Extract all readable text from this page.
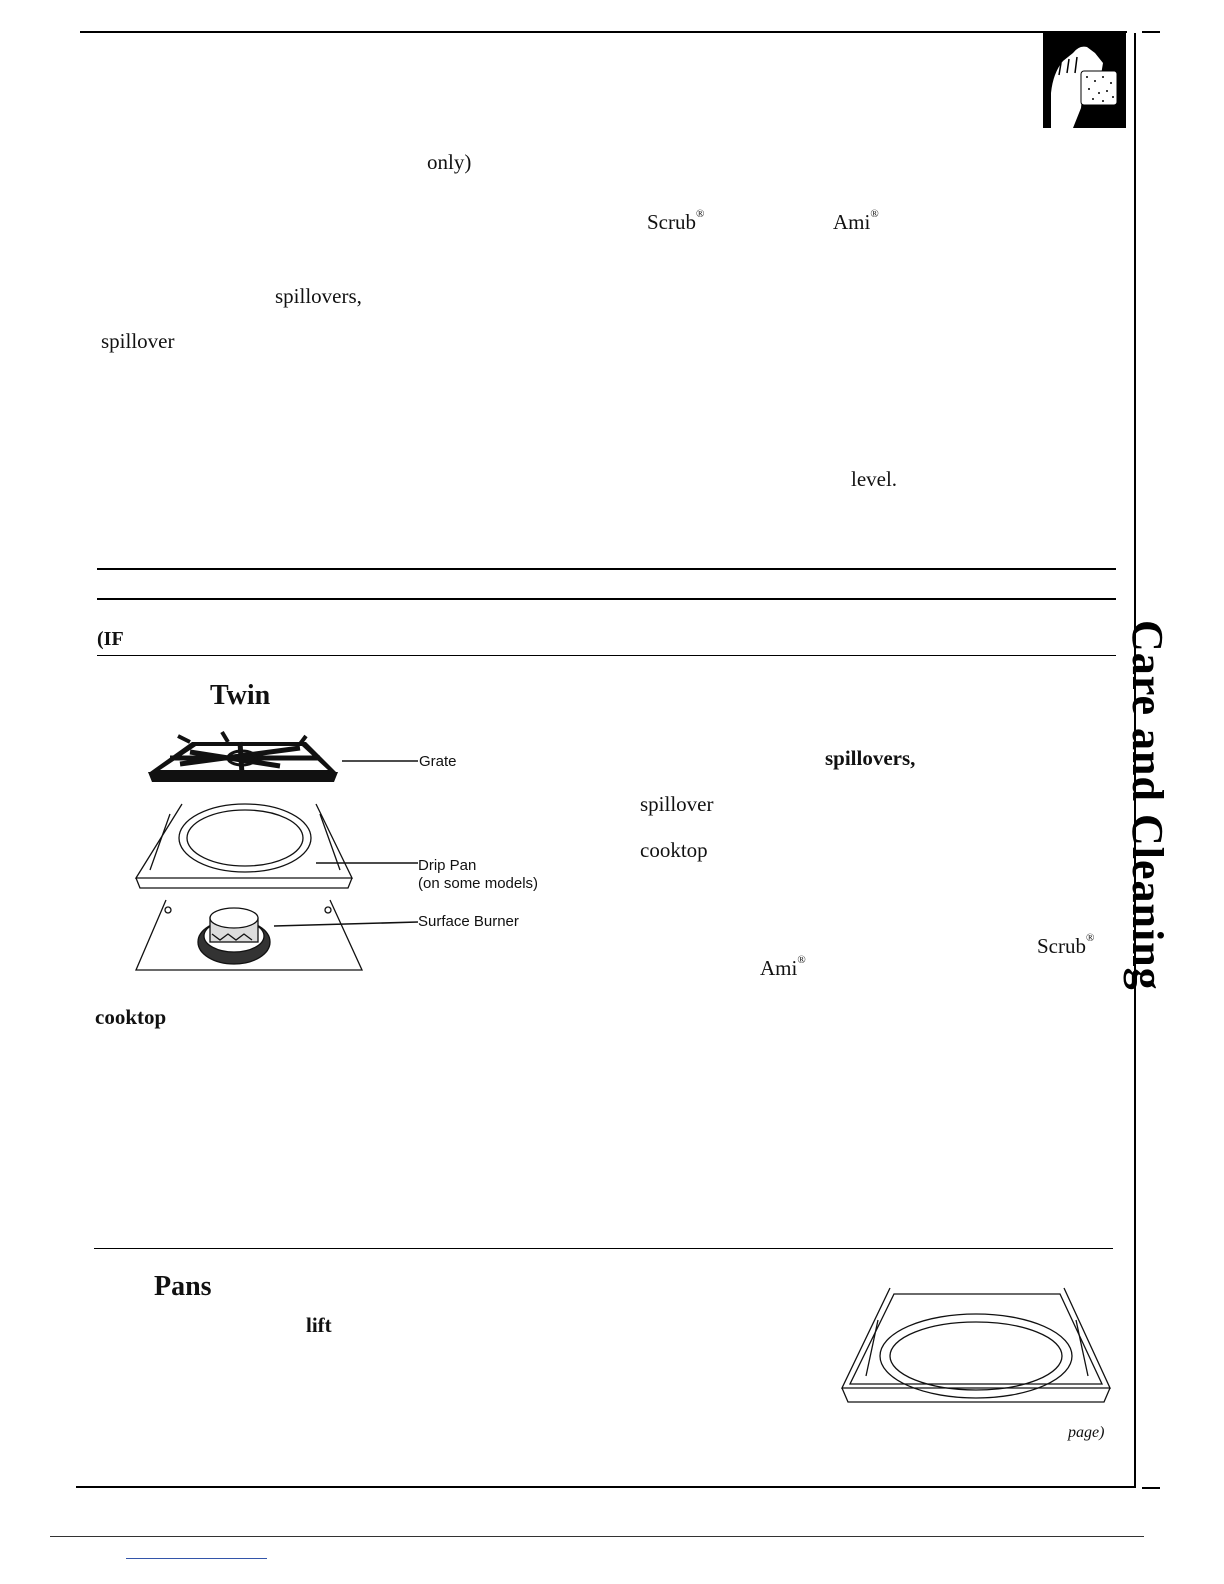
only)
Scrub®	Ami®
spillovers,
spillover
level.
(IF
Twin
spillovers,
spillover
cooktop
Scrub®
Ami®
cooktop
Grate
Drip Pan
(on some models)
Surface Burner
Pans
lift
page)
Care and Cleaning
